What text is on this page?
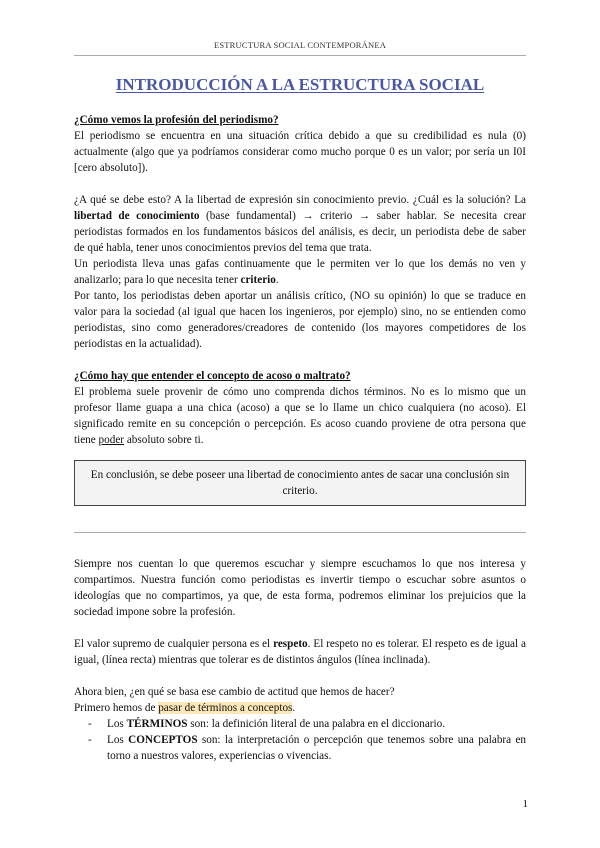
ESTRUCTURA SOCIAL CONTEMPORÁNEA
INTRODUCCIÓN A LA ESTRUCTURA SOCIAL
¿Cómo vemos la profesión del periodismo?

El periodismo se encuentra en una situación crítica debido a que su credibilidad es nula (0) actualmente (algo que ya podríamos considerar como mucho porque 0 es un valor; por sería un I0I [cero absoluto]).

¿A qué se debe esto? A la libertad de expresión sin conocimiento previo. ¿Cuál es la solución? La libertad de conocimiento (base fundamental) → criterio → saber hablar. Se necesita crear periodistas formados en los fundamentos básicos del análisis, es decir, un periodista debe de saber de qué habla, tener unos conocimientos previos del tema que trata.

Un periodista lleva unas gafas continuamente que le permiten ver lo que los demás no ven y analizarlo; para lo que necesita tener criterio.

Por tanto, los periodistas deben aportar un análisis crítico, (NO su opinión) lo que se traduce en valor para la sociedad (al igual que hacen los ingenieros, por ejemplo) sino, no se entienden como periodistas, sino como generadores/creadores de contenido (los mayores competidores de los periodistas en la actualidad).

¿Cómo hay que entender el concepto de acoso o maltrato?

El problema suele provenir de cómo uno comprenda dichos términos. No es lo mismo que un profesor llame guapa a una chica (acoso) a que se lo llame un chico cualquiera (no acoso). El significado remite en su concepción o percepción. Es acoso cuando proviene de otra persona que tiene poder absoluto sobre ti.

En conclusión, se debe poseer una libertad de conocimiento antes de sacar una conclusión sin criterio.

Siempre nos cuentan lo que queremos escuchar y siempre escuchamos lo que nos interesa y compartimos. Nuestra función como periodistas es invertir tiempo o escuchar sobre asuntos o ideologías que no compartimos, ya que, de esta forma, podremos eliminar los prejuicios que la sociedad impone sobre la profesión.

El valor supremo de cualquier persona es el respeto. El respeto no es tolerar. El respeto es de igual a igual, (línea recta) mientras que tolerar es de distintos ángulos (línea inclinada).

Ahora bien, ¿en qué se basa ese cambio de actitud que hemos de hacer?

Primero hemos de pasar de términos a conceptos.

- Los TÉRMINOS son: la definición literal de una palabra en el diccionario.
- Los CONCEPTOS son: la interpretación o percepción que tenemos sobre una palabra en torno a nuestros valores, experiencias o vivencias.
1
